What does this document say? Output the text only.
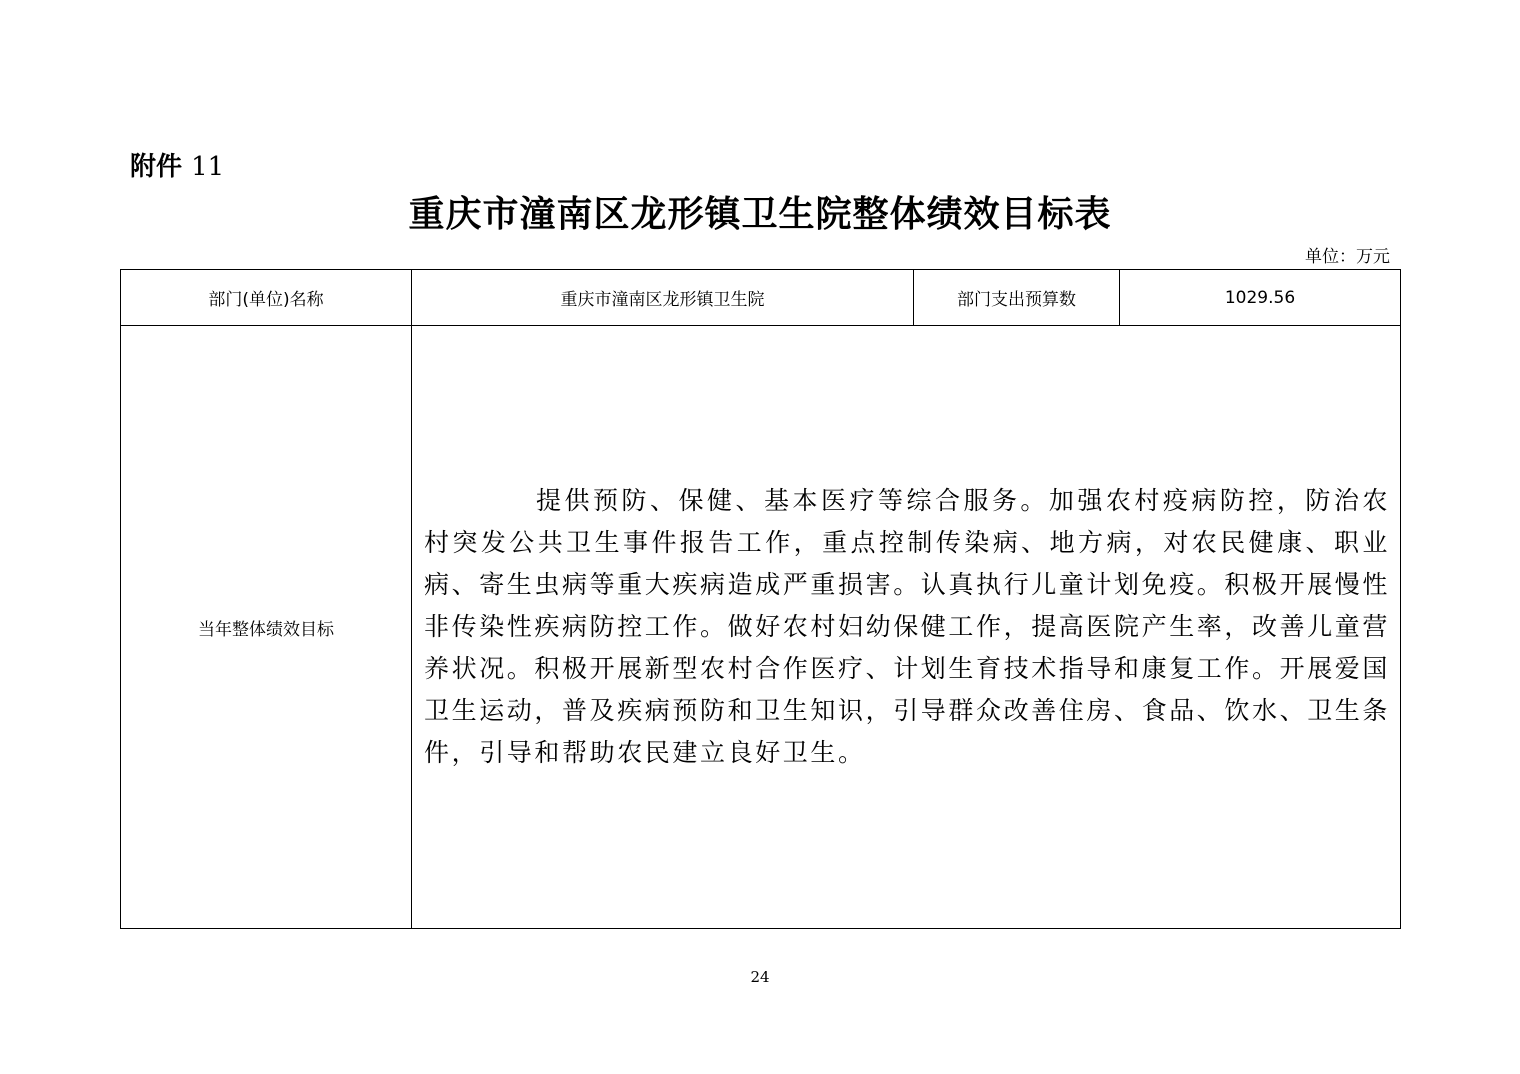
附件 11
重庆市潼南区龙形镇卫生院整体绩效目标表
单位：万元
部门(单位)名称	重庆市潼南区龙形镇卫生院	部门支出预算数	1029.56
当年整体绩效目标	提供预防、保健、基本医疗等综合服务。加强农村疫病防控，防治农村突发公共卫生事件报告工作，重点控制传染病、地方病，对农民健康、职业病、寄生虫病等重大疾病造成严重损害。认真执行儿童计划免疫。积极开展慢性非传染性疾病防控工作。做好农村妇幼保健工作，提高医院产生率，改善儿童营养状况。积极开展新型农村合作医疗、计划生育技术指导和康复工作。开展爱国卫生运动，普及疾病预防和卫生知识，引导群众改善住房、食品、饮水、卫生条件，引导和帮助农民建立良好卫生。		

24
